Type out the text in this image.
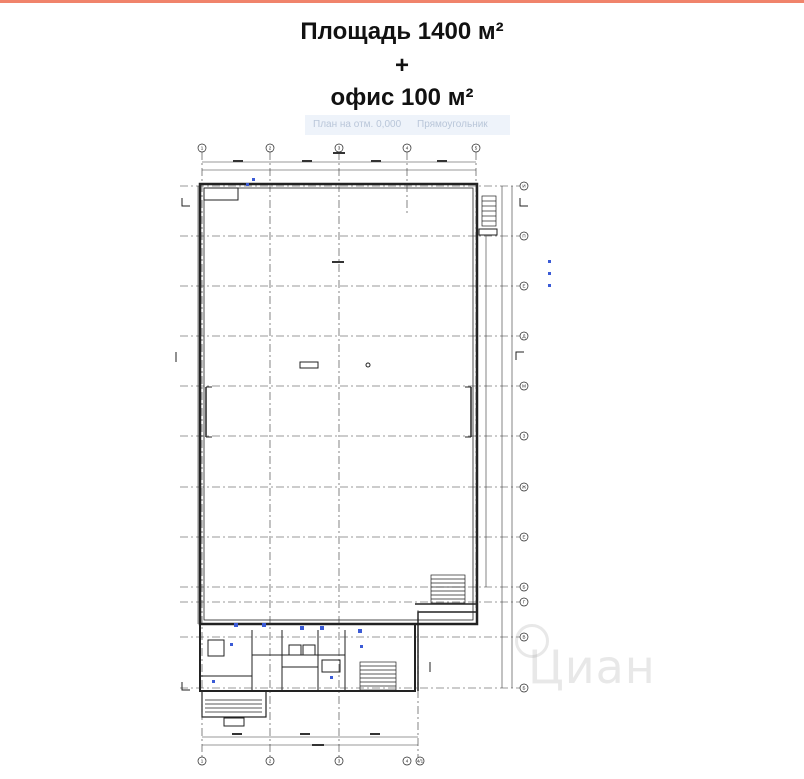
Площадь 1400 м²
+
офис 100 м²
План на отм. 0,000 Прямоугольник
1	2	3	4	5
1	2	3	4 4/1
И
П
Е
Д
М
З
Ж
Е
Б
Г
В
Б Циан
